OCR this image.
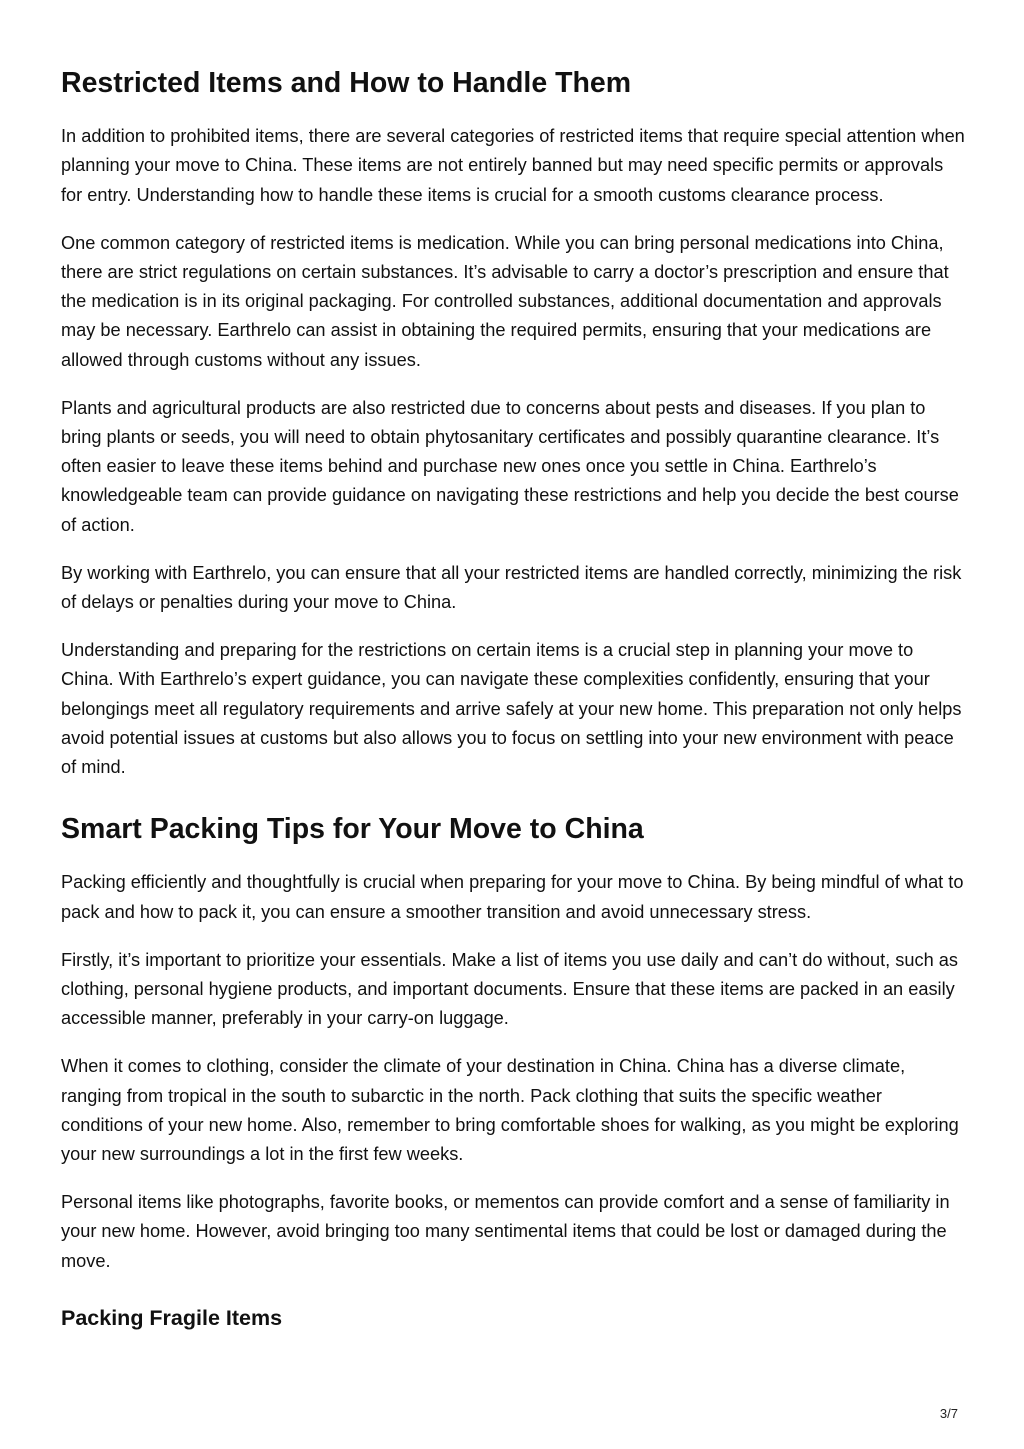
Restricted Items and How to Handle Them

In addition to prohibited items, there are several categories of restricted items that require special attention when planning your move to China. These items are not entirely banned but may need specific permits or approvals for entry. Understanding how to handle these items is crucial for a smooth customs clearance process.

One common category of restricted items is medication. While you can bring personal medications into China, there are strict regulations on certain substances. It’s advisable to carry a doctor’s prescription and ensure that the medication is in its original packaging. For controlled substances, additional documentation and approvals may be necessary. Earthrelo can assist in obtaining the required permits, ensuring that your medications are allowed through customs without any issues.

Plants and agricultural products are also restricted due to concerns about pests and diseases. If you plan to bring plants or seeds, you will need to obtain phytosanitary certificates and possibly quarantine clearance. It’s often easier to leave these items behind and purchase new ones once you settle in China. Earthrelo’s knowledgeable team can provide guidance on navigating these restrictions and help you decide the best course of action.

By working with Earthrelo, you can ensure that all your restricted items are handled correctly, minimizing the risk of delays or penalties during your move to China.

Understanding and preparing for the restrictions on certain items is a crucial step in planning your move to China. With Earthrelo’s expert guidance, you can navigate these complexities confidently, ensuring that your belongings meet all regulatory requirements and arrive safely at your new home. This preparation not only helps avoid potential issues at customs but also allows you to focus on settling into your new environment with peace of mind.

Smart Packing Tips for Your Move to China

Packing efficiently and thoughtfully is crucial when preparing for your move to China. By being mindful of what to pack and how to pack it, you can ensure a smoother transition and avoid unnecessary stress.

Firstly, it’s important to prioritize your essentials. Make a list of items you use daily and can’t do without, such as clothing, personal hygiene products, and important documents. Ensure that these items are packed in an easily accessible manner, preferably in your carry-on luggage.

When it comes to clothing, consider the climate of your destination in China. China has a diverse climate, ranging from tropical in the south to subarctic in the north. Pack clothing that suits the specific weather conditions of your new home. Also, remember to bring comfortable shoes for walking, as you might be exploring your new surroundings a lot in the first few weeks.

Personal items like photographs, favorite books, or mementos can provide comfort and a sense of familiarity in your new home. However, avoid bringing too many sentimental items that could be lost or damaged during the move.

Packing Fragile Items
3/7
